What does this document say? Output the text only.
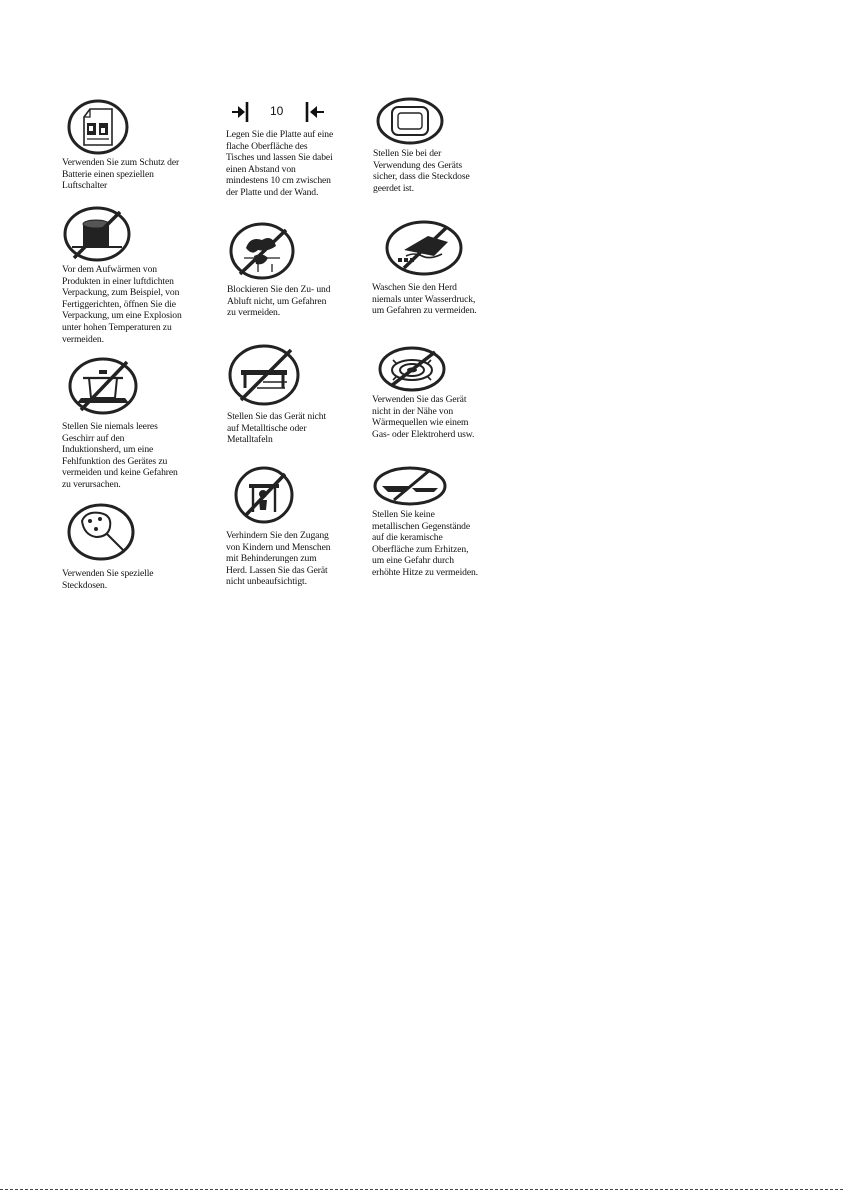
Verwenden Sie zum Schutz der
Batterie einen speziellen
Luftschalter
10
Legen Sie die Platte auf eine
flache Oberfläche des
Tisches und lassen Sie dabei
einen Abstand von
mindestens 10 cm zwischen
der Platte und der Wand.
Stellen Sie bei der
Verwendung des Geräts
sicher, dass die Steckdose
geerdet ist.
Vor dem Aufwärmen von
Produkten in einer luftdichten
Verpackung, zum Beispiel, von
Fertiggerichten, öffnen Sie die
Verpackung, um eine Explosion
unter hohen Temperaturen zu
vermeiden.
Blockieren Sie den Zu- und
Abluft nicht, um Gefahren
zu vermeiden.
Waschen Sie den Herd
niemals unter Wasserdruck,
um Gefahren zu vermeiden.
Stellen Sie niemals leeres
Geschirr auf den
Induktionsherd, um eine
Fehlfunktion des Gerätes zu
vermeiden und keine Gefahren
zu verursachen.
Stellen Sie das Gerät nicht
auf Metalltische oder
Metalltafeln
Verwenden Sie das Gerät
nicht in der Nähe von
Wärmequellen wie einem
Gas- oder Elektroherd usw.
Verwenden Sie spezielle
Steckdosen.
Verhindern Sie den Zugang
von Kindern und Menschen
mit Behinderungen zum
Herd. Lassen Sie das Gerät
nicht unbeaufsichtigt.
Stellen Sie keine
metallischen Gegenstände
auf die keramische
Oberfläche zum Erhitzen,
um eine Gefahr durch
erhöhte Hitze zu vermeiden.
